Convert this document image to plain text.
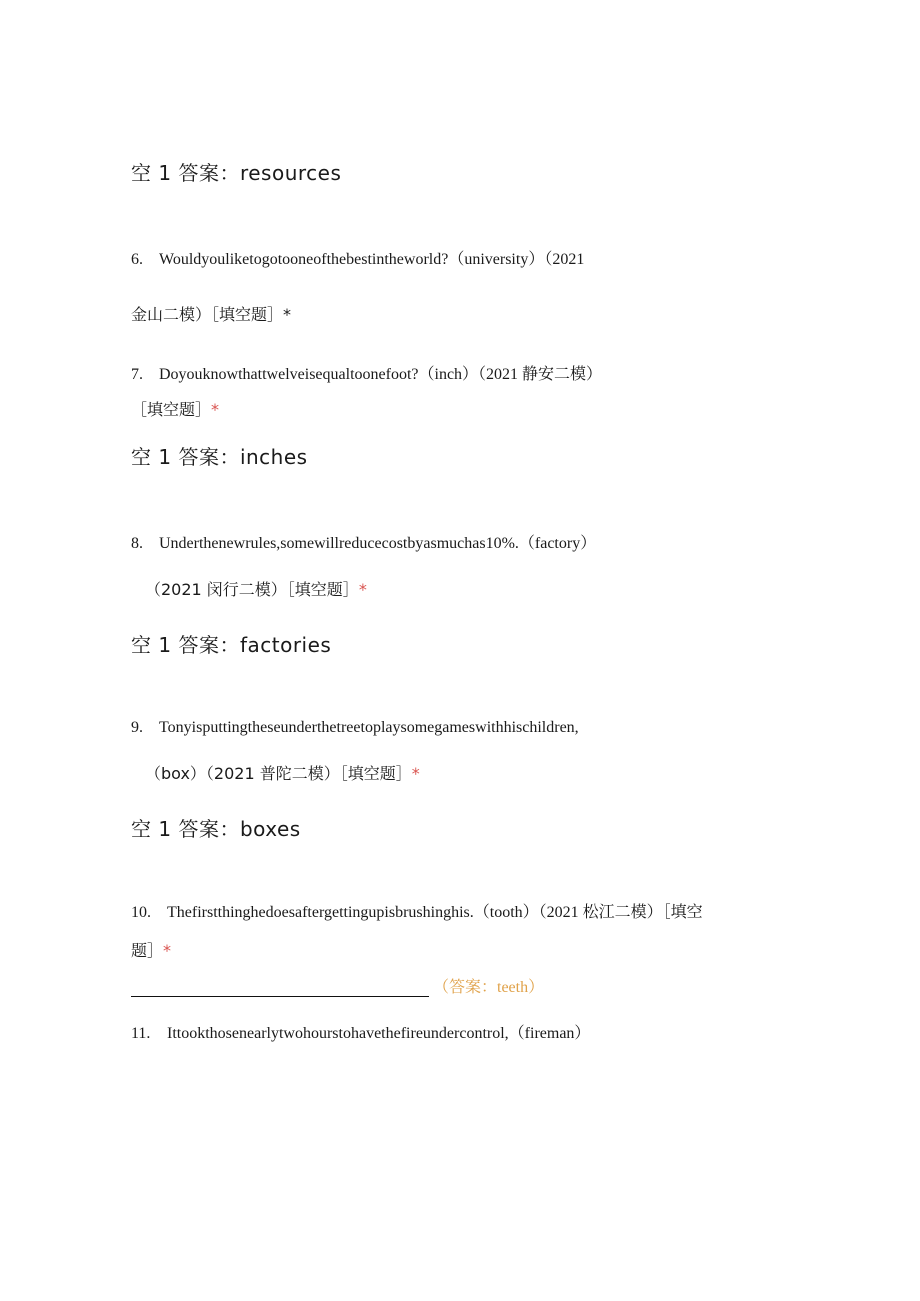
空 1 答案：resources
6. Wouldyouliketogotooneofthebestintheworld?（university）（2021
金山二模）［填空题］*
7. Doyouknowthattwelveisequaltoonefoot?（inch）（2021 静安二模）
［填空题］*
空 1 答案：inches
8. Underthenewrules,somewillreducecostbyasmuchas10%.（factory）
（2021 闵行二模）［填空题］*
空 1 答案：factories
9. Tonyisputtingtheseunderthetreetoplaysomegameswithhischildren,
（box）（2021 普陀二模）［填空题］*
空 1 答案：boxes
10. Thefirstthinghedoesaftergettingupisbrushinghis.（tooth）（2021 松江二模）［填空
题］*
（答案：teeth）
11. Ittookthosenearlytwohourstohavethefireundercontrol,（fireman）
